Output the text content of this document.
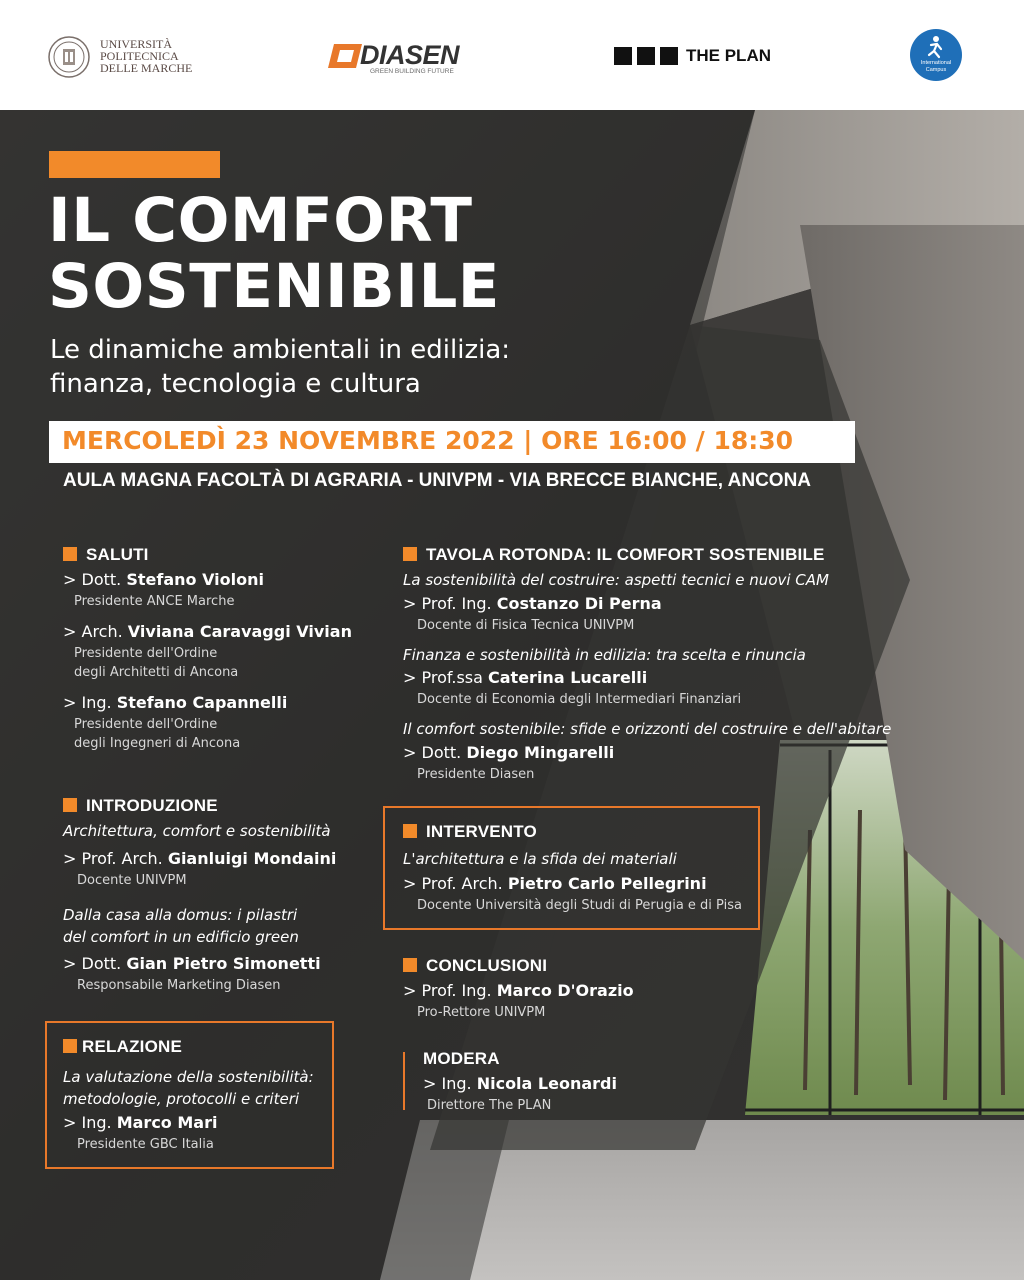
UNIVERSITÀ
POLITECNICA
DELLE MARCHE	DIASEN
GREEN BUILDING FUTURE
THE PLAN	International Campus
IL COMFORT
SOSTENIBILE
Le dinamiche ambientali in edilizia:
finanza, tecnologia e cultura
MERCOLEDÌ 23 NOVEMBRE 2022 | ORE 16:00 / 18:30
AULA MAGNA FACOLTÀ DI AGRARIA - UNIVPM - VIA BRECCE BIANCHE, ANCONA
SALUTI
> Dott. Stefano Violoni
Presidente ANCE Marche
> Arch. Viviana Caravaggi Vivian
Presidente dell'Ordine
degli Architetti di Ancona
> Ing. Stefano Capannelli
Presidente dell'Ordine
degli Ingegneri di Ancona
INTRODUZIONE
Architettura, comfort e sostenibilità
> Prof. Arch. Gianluigi Mondaini
Docente UNIVPM
Dalla casa alla domus: i pilastri
del comfort in un edificio green
> Dott. Gian Pietro Simonetti
Responsabile Marketing Diasen
RELAZIONE
La valutazione della sostenibilità:
metodologie, protocolli e criteri
> Ing. Marco Mari
Presidente GBC Italia
TAVOLA ROTONDA: IL COMFORT SOSTENIBILE
La sostenibilità del costruire: aspetti tecnici e nuovi CAM
> Prof. Ing. Costanzo Di Perna
Docente di Fisica Tecnica UNIVPM
Finanza e sostenibilità in edilizia: tra scelta e rinuncia
> Prof.ssa Caterina Lucarelli
Docente di Economia degli Intermediari Finanziari
Il comfort sostenibile: sfide e orizzonti del costruire e dell'abitare
> Dott. Diego Mingarelli
Presidente Diasen
INTERVENTO
L'architettura e la sfida dei materiali
> Prof. Arch. Pietro Carlo Pellegrini
Docente Università degli Studi di Perugia e di Pisa
CONCLUSIONI
> Prof. Ing. Marco D'Orazio
Pro-Rettore UNIVPM
MODERA
> Ing. Nicola Leonardi
Direttore The PLAN
